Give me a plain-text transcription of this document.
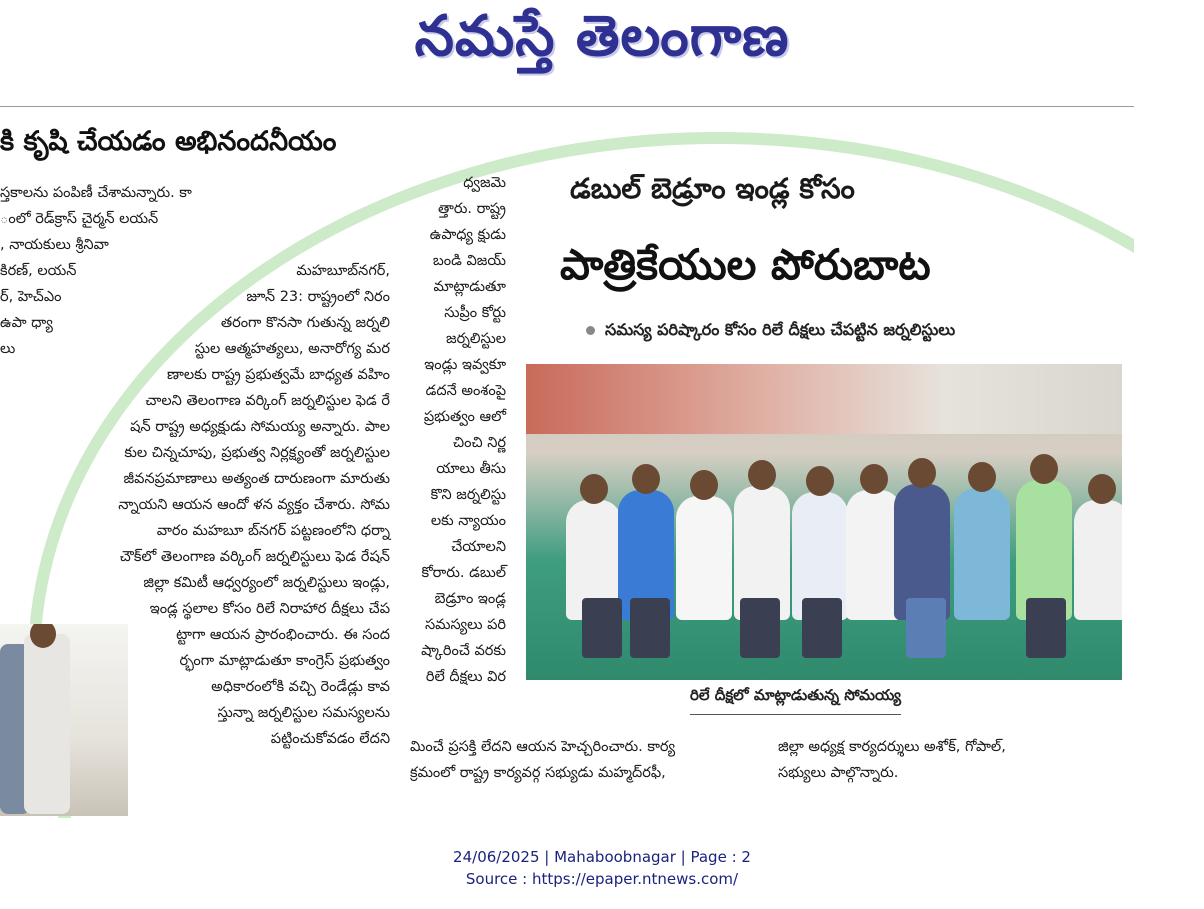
నమస్తే తెలంగాణ
కి కృషి చేయడం అభినందనీయం
స్తకాలను పంపిణీ చేశామన్నారు. కా
ంలో రెడ్‌క్రాస్ చైర్మన్ లయన్
, నాయకులు శ్రీనివా
కిరణ్, లయన్
ర్, హెచ్‌ఎం
ఉపా ధ్యా
లు
మహబూబ్‌నగర్,
జూన్ 23: రాష్ట్రంలో నిరం
తరంగా కొనసా గుతున్న జర్నలి
స్టుల ఆత్మహత్యలు, అనారోగ్య మర
ణాలకు రాష్ట్ర ప్రభుత్వమే బాధ్యత వహిం
చాలని తెలంగాణ వర్కింగ్ జర్నలిస్టుల ఫెడ రే
షన్ రాష్ట్ర అధ్యక్షుడు సోమయ్య అన్నారు. పాల
కుల చిన్నచూపు, ప్రభుత్వ నిర్లక్ష్యంతో జర్నలిస్టుల
జీవనప్రమాణాలు అత్యంత దారుణంగా మారుతు
న్నాయని ఆయన ఆందో ళన వ్యక్తం చేశారు. సోమ
వారం మహబూ బ్‌నగర్ పట్టణంలోని ధర్నా
చౌక్‌లో తెలంగాణ వర్కింగ్ జర్నలిస్టులు ఫెడ రేషన్
జిల్లా కమిటీ ఆధ్వర్యంలో జర్నలిస్టులు ఇండ్లు,
ఇండ్ల స్థలాల కోసం రిలే నిరాహార దీక్షలు చేప
ట్టాగా ఆయన ప్రారంభించారు. ఈ సంద
ర్భంగా మాట్లాడుతూ కాంగ్రెస్ ప్రభుత్వం
అధికారంలోకి వచ్చి రెండేడ్లు కావ
స్తున్నా జర్నలిస్టుల సమస్యలను
పట్టించుకోవడం లేదని
ధ్వజమె
త్తారు. రాష్ట్ర
ఉపాధ్య క్షుడు
బండి విజయ్
మాట్లాడుతూ
సుప్రీం కోర్టు
జర్నలిస్టుల
ఇండ్లు ఇవ్వకూ
డదనే అంశంపై
ప్రభుత్వం ఆలో
చించి నిర్ణ
యాలు తీసు
కొని జర్నలిస్టు
లకు న్యాయం
చేయాలని
కోరారు. డబుల్
బెడ్రూం ఇండ్ల
సమస్యలు పరి
ష్కారించే వరకు
రిలే దీక్షలు విర
డబుల్ బెడ్రూం ఇండ్ల కోసం
పాత్రికేయుల పోరుబాట
సమస్య పరిష్కారం కోసం రిలే దీక్షలు చేపట్టిన జర్నలిస్టులు
రిలే దీక్షలో మాట్లాడుతున్న సోమయ్య
మించే ప్రసక్తి లేదని ఆయన హెచ్చరించారు. కార్య
క్రమంలో రాష్ట్ర కార్యవర్గ సభ్యుడు మహ్మద్‌రఫీ,
జిల్లా అధ్యక్ష కార్యదర్శులు అశోక్, గోపాల్,
సభ్యులు పాల్గొన్నారు.
24/06/2025 | Mahaboobnagar | Page : 2
Source : https://epaper.ntnews.com/
